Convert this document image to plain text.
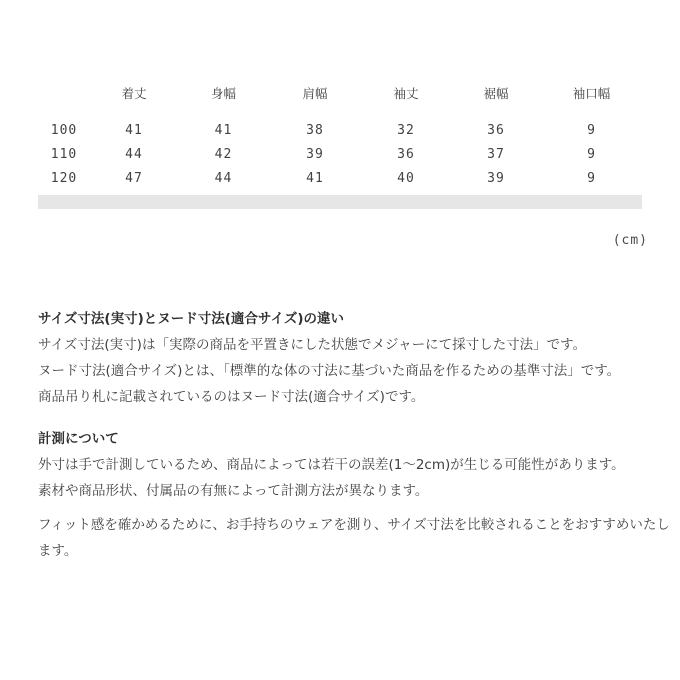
	着丈	身幅	肩幅	袖丈	裾幅	袖口幅
100	41	41	38	32	36	9
110	44	42	39	36	37	9
120	47	44	41	40	39	9
(cm)
サイズ寸法(実寸)とヌード寸法(適合サイズ)の違い
サイズ寸法(実寸)は「実際の商品を平置きにした状態でメジャーにて採寸した寸法」です。
ヌード寸法(適合サイズ)とは、「標準的な体の寸法に基づいた商品を作るための基準寸法」です。
商品吊り札に記載されているのはヌード寸法(適合サイズ)です。
計測について
外寸は手で計測しているため、商品によっては若干の誤差(1〜2cm)が生じる可能性があります。
素材や商品形状、付属品の有無によって計測方法が異なります。
フィット感を確かめるために、お手持ちのウェアを測り、サイズ寸法を比較されることをおすすめいたし
ます。
